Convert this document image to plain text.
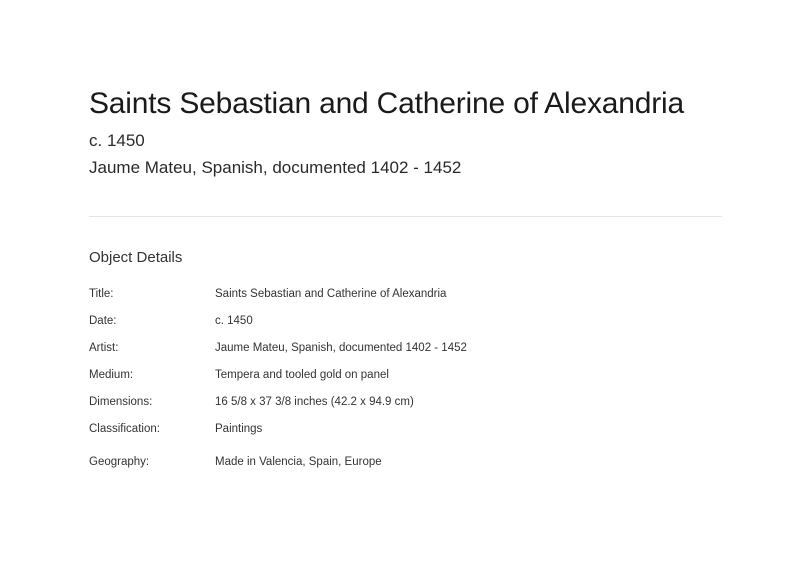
Saints Sebastian and Catherine of Alexandria
c. 1450
Jaume Mateu, Spanish, documented 1402 - 1452
Object Details
Title:	Saints Sebastian and Catherine of Alexandria
Date:	c. 1450
Artist:	Jaume Mateu, Spanish, documented 1402 - 1452
Medium:	Tempera and tooled gold on panel
Dimensions:	16 5/8 x 37 3/8 inches (42.2 x 94.9 cm)
Classification:	Paintings
Geography:	Made in Valencia, Spain, Europe
